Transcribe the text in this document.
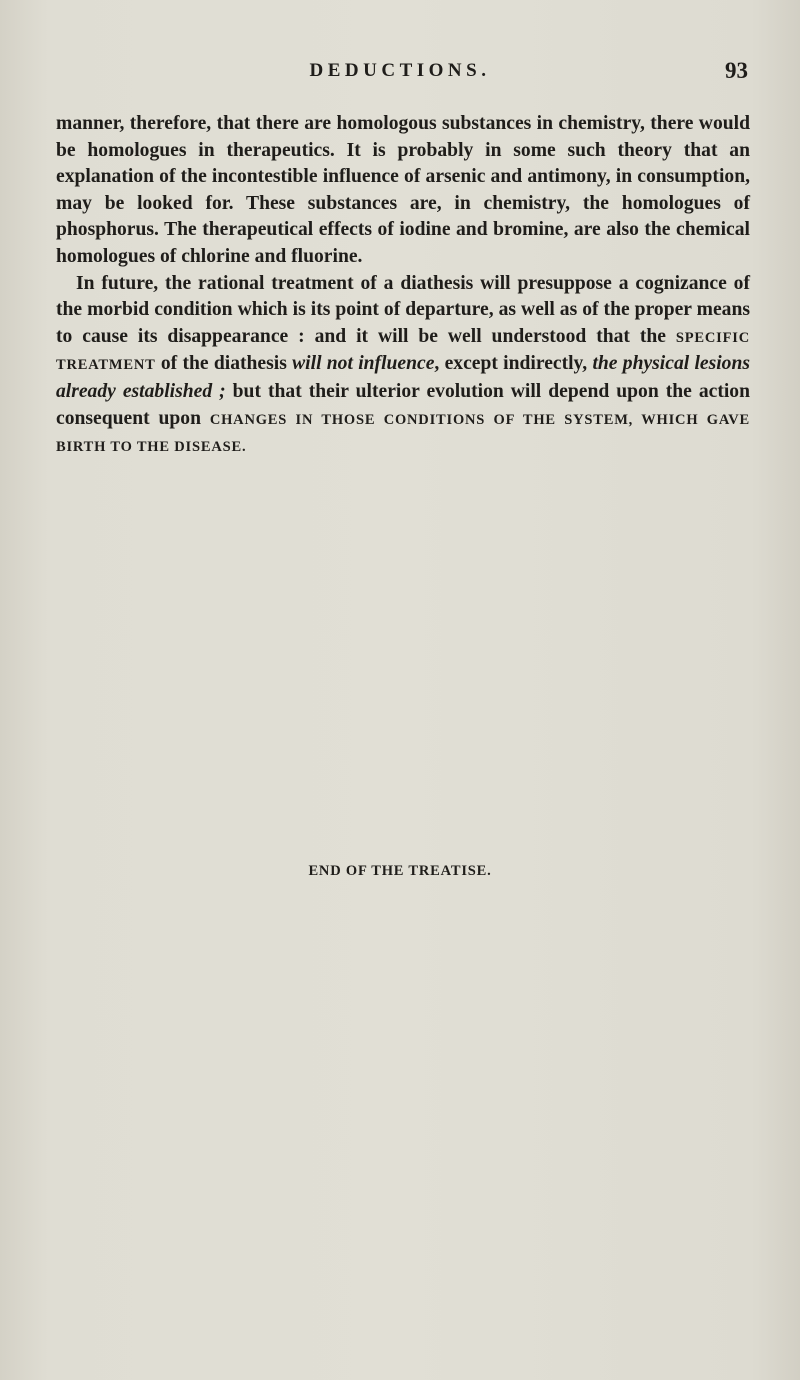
DEDUCTIONS.	93

manner, therefore, that there are homologous substances in chemistry, there would be homologues in therapeutics. It is probably in some such theory that an explanation of the incontestible influence of arsenic and antimony, in consumption, may be looked for. These substances are, in chemistry, the homologues of phosphorus. The therapeutical effects of iodine and bromine, are also the chemical homologues of chlorine and fluorine.

In future, the rational treatment of a diathesis will presuppose a cognizance of the morbid condition which is its point of departure, as well as of the proper means to cause its disappearance : and it will be well understood that the SPECIFIC TREATMENT of the diathesis will not influence, except indirectly, the physical lesions already established ; but that their ulterior evolution will depend upon the action consequent upon CHANGES IN THOSE CONDITIONS OF THE SYSTEM, WHICH GAVE BIRTH TO THE DISEASE.

END OF THE TREATISE.
